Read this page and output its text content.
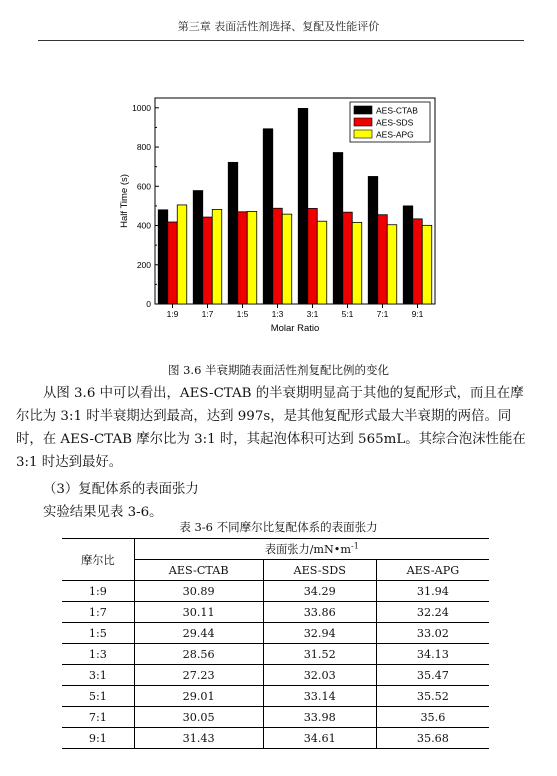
第三章 表面活性剂选择、复配及性能评价
0
200
400
600
800
1000
1:9	1:7	1:5	1:3	3:1	5:1	7:1	9:1
Molar Ratio
Half Time (s)
AES-CTAB
AES-SDS
AES-APG
图 3.6 半衰期随表面活性剂复配比例的变化
从图 3.6 中可以看出，AES-CTAB 的半衰期明显高于其他的复配形式，而且在摩尔比为 3:1 时半衰期达到最高，达到 997s，是其他复配形式最大半衰期的两倍。同时，在 AES-CTAB 摩尔比为 3:1 时，其起泡体积可达到 565mL。其综合泡沫性能在 3:1 时达到最好。
（3）复配体系的表面张力
实验结果见表 3-6。
表 3-6 不同摩尔比复配体系的表面张力
摩尔比	表面张力$/mN•m^{-1}$
	AES-CTAB	AES-SDS	AES-APG
1:9	30.89	34.29	31.94
1:7	30.11	33.86	32.24
1:5	29.44	32.94	33.02
1:3	28.56	31.52	34.13
3:1	27.23	32.03	35.47
5:1	29.01	33.14	35.52
7:1	30.05	33.98	35.6
9:1	31.43	34.61	35.68
